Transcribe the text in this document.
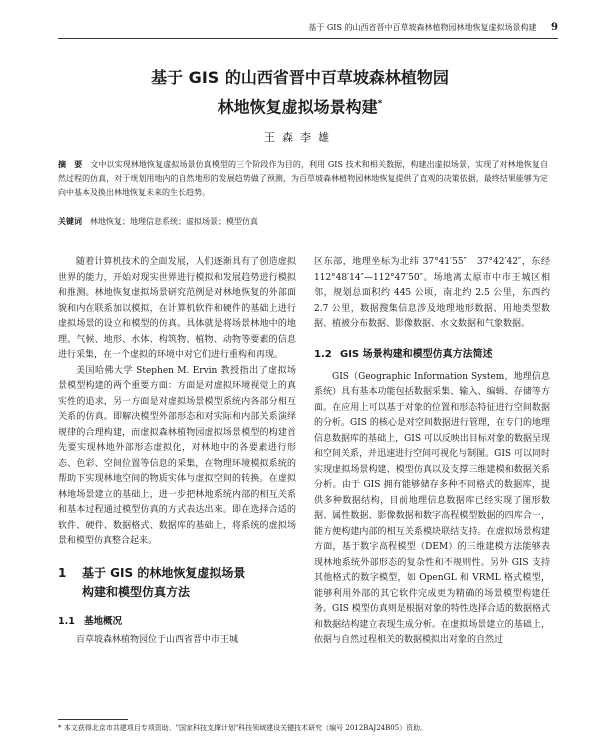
基于 GIS 的山西省晋中百草坡森林植物园林地恢复虚拟场景构建 9
基于 GIS 的山西省晋中百草坡森林植物园
林地恢复虚拟场景构建*
王森李雄
摘　要 文中以实现林地恢复虚拟场景仿真模型的三个阶段作为目的，利用 GIS 技术和相关数据，构建出虚拟场景，实现了对林地恢复自然过程的仿真，对于规划用地内的自然地形的发展趋势做了预测，为百草坡森林植物园林地恢复提供了直观的决策依据，最终结果能够为定向中基本及换出林地恢复未来的生长趋势。
关键词 林地恢复；地理信息系统；虚拟场景；模型仿真

随着计算机技术的全面发展，人们逐渐具有了创造虚拟世界的能力，开始对现实世界进行模拟和发展趋势进行模拟和推测。林地恢复虚拟场景研究范例是对林地恢复的外部面貌和内在联系加以模拟，在计算机软件和硬件的基础上进行虚拟场景的设立和模型的仿真。具体就是将场景林地中的地理、气候、地形、水体、构筑物、植物、动物等要素的信息进行采集，在一个虚拟的环境中对它们进行重构和再现。

美国哈佛大学 Stephen M. Ervin 教授指出了虚拟场景模型构建的两个重要方面：方面是对虚拟环境视觉上的真实性的追求，另一方面是对虚拟场景模型系统内各部分相互关系的仿真。即解决模型外部形态和对实际和内部关系演绎规律的合理构建，而虚拟森林植物园虚拟场景模型的构建首先要实现林地外部形态虚拟化，对林地中的各要素进行形态、色彩、空间位置等信息的采集，在物理环境模拟系统的帮助下实现林地空间的物质实体与虚拟空间的转换。在虚拟林地场景建立的基础上，进一步把林地系统内部的相互关系和基本过程通过模型仿真的方式表达出来。即在选择合适的软件、硬件、数据格式、数据库的基础上，将系统的虚拟场景和模型仿真整合起来。

1 基于 GIS 的林地恢复虚拟场景
构建和模型仿真方法
1.1 基地概况

百草坡森林植物园位于山西省晋中市王城

区东部，地理坐标为北纬 37°41′55″　37°42′42″，东经 112°48′14″—112°47′50″。场地离太原市中市王城区相邻，规划总面积约 445 公顷，南北约 2.5 公里，东西约 2.7 公里，数据搜集信息涉及地理地形数据、用地类型数据、植被分布数据、影像数据、水文数据和气象数据。

1.2 GIS 场景构建和模型仿真方法简述

GIS（Geographic Information System，地理信息系统）具有基本功能包括数据采集、输入、编辑、存储等方面。在应用上可以基于对象的位置和形态特征进行空间数据的分析。GIS 的核心是对空间数据进行管理，在专门的地理信息数据库的基础上，GIS 可以反映出目标对象的数据呈现和空间关系，并迅速进行空间可视化与制图。GIS 可以同时实现虚拟场景构建、模型仿真以及支撑三维建模和数据关系分析。由于 GIS 拥有能够储存多种不同格式的数据库，提供多种数据结构，目前地理信息数据库已经实现了图形数据、属性数据、影像数据和数字高程模型数据的四库合一，能方便构建内部的相互关系模块联结支持。在虚拟场景构建方面，基于数字高程模型（DEM）的三维建模方法能够表现林地系统外部形态的复杂性和不规则性。另外 GIS 支持其他格式的数字模型，如 OpenGL 和 VRML 格式模型，能够利用外部的其它软件完成更为精确的场景模型构建任务。GIS 模型仿真则是根据对象的特性选择合适的数据格式和数据结构建立表现生成分析。在虚拟场景建立的基础上，依据与自然过程相关的数据模拟出对象的自然过

* 本文获得北京市共建项目专项资助、"国家科技支撑计划"科技领域建设关键技术研究（编号 2012BAJ24B05）资助。
